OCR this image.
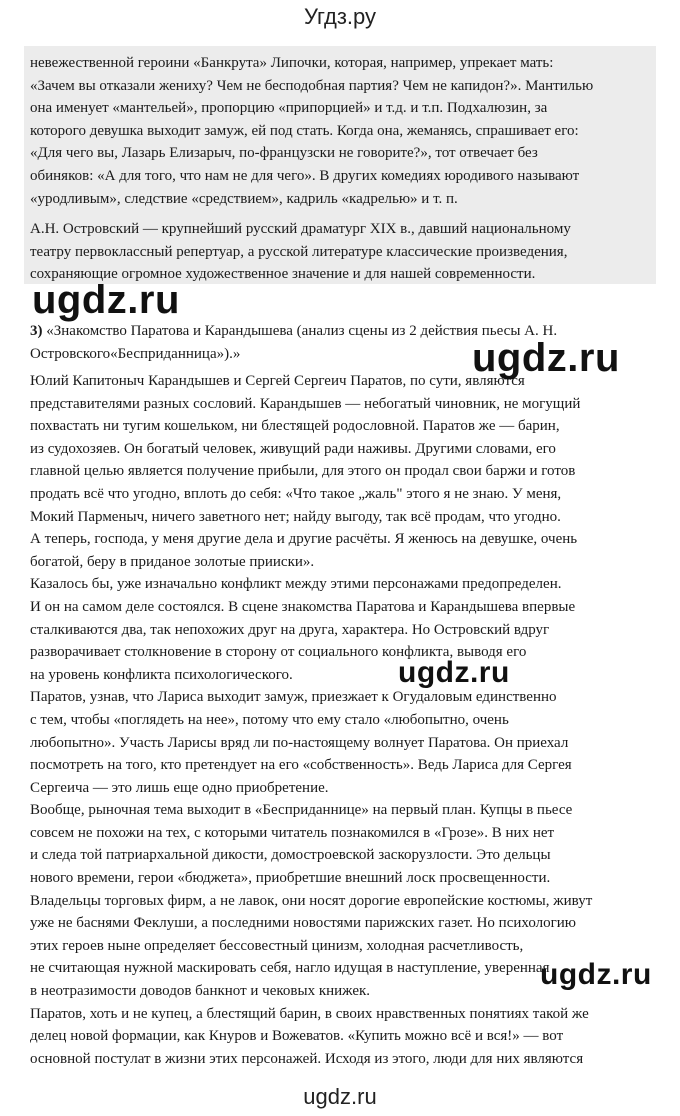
Угдз.ру
невежественной героини «Банкрута» Липочки, которая, например, упрекает мать:
«Зачем вы отказали жениху? Чем не беcподобная партия? Чем не капидон?». Мантилью
она именует «мантельей», пропорцию «припорцией» и т.д. и т.п. Подхалюзин, за
которого девушка выходит замуж, ей под стать. Когда она, жеманясь, спрашивает его:
«Для чего вы, Лазарь Елизарыч, по-французски не говорите?», тот отвечает без
обиняков: «А для того, что нам не для чего». В других комедиях юродивого называют
«уродливым», следствие «средствием», кадриль «кадрелью» и т. п.
А.Н. Островский — крупнейший русский драматург XIX в., давший национальному
театру первоклассный репертуар, а русской литературе классические произведения,
сохраняющие огромное художественное значение и для нашей современности.
3) «Знакомство Паратова и Карандышева (анализ сцены из 2 действия пьесы А. Н.
Островского«Бесприданница»).»
Юлий Капитоныч Карандышев и Сергей Сергеич Паратов, по сути, являются
представителями разных сословий. Карандышев — небогатый чиновник, не могущий
похвастать ни тугим кошельком, ни блестящей родословной. Паратов же — барин,
из судохозяев. Он богатый человек, живущий ради наживы. Другими словами, его
главной целью является получение прибыли, для этого он продал свои баржи и готов
продать всё что угодно, вплоть до себя: «Что такое „жаль" этого я не знаю. У меня,
Мокий Парменыч, ничего заветного нет; найду выгоду, так всё продам, что угодно.
А теперь, господа, у меня другие дела и другие расчёты. Я женюсь на девушке, очень
богатой, беру в приданое золотые прииски».
Казалось бы, уже изначально конфликт между этими персонажами предопределен.
И он на самом деле состоялся. В сцене знакомства Паратова и Карандышева впервые
сталкиваются два, так непохожих друг на друга, характера. Но Островский вдруг
разворачивает столкновение в сторону от социального конфликта, выводя его
на уровень конфликта психологического.
Паратов, узнав, что Лариса выходит замуж, приезжает к Огудаловым единственно
с тем, чтобы «поглядеть на нее», потому что ему стало «любопытно, очень
любопытно». Участь Ларисы вряд ли по-настоящему волнует Паратова. Он приехал
посмотреть на того, кто претендует на его «собственность». Ведь Лариса для Сергея
Сергеича — это лишь еще одно приобретение.
Вообще, рыночная тема выходит в «Бесприданнице» на первый план. Купцы в пьесе
совсем не похожи на тех, с которыми читатель познакомился в «Грозе». В них нет
и следа той патриархальной дикости, домостроевской заскорузлости. Это дельцы
нового времени, герои «бюджета», приобретшие внешний лоск просвещенности.
Владельцы торговых фирм, а не лавок, они носят дорогие европейские костюмы, живут
уже не баснями Феклуши, а последними новостями парижских газет. Но психологию
этих героев ныне определяет бессовестный цинизм, холодная расчетливость,
не считающая нужной маскировать себя, нагло идущая в наступление, уверенная
в неотразимости доводов банкнот и чековых книжек.
Паратов, хоть и не купец, а блестящий барин, в своих нравственных понятиях такой же
делец новой формации, как Кнуров и Вожеватов. «Купить можно всё и вся!» — вот
основной постулат в жизни этих персонажей. Исходя из этого, люди для них являются
ugdz.ru
ugdz.ru
ugdz.ru
ugdz.ru
ugdz.ru
